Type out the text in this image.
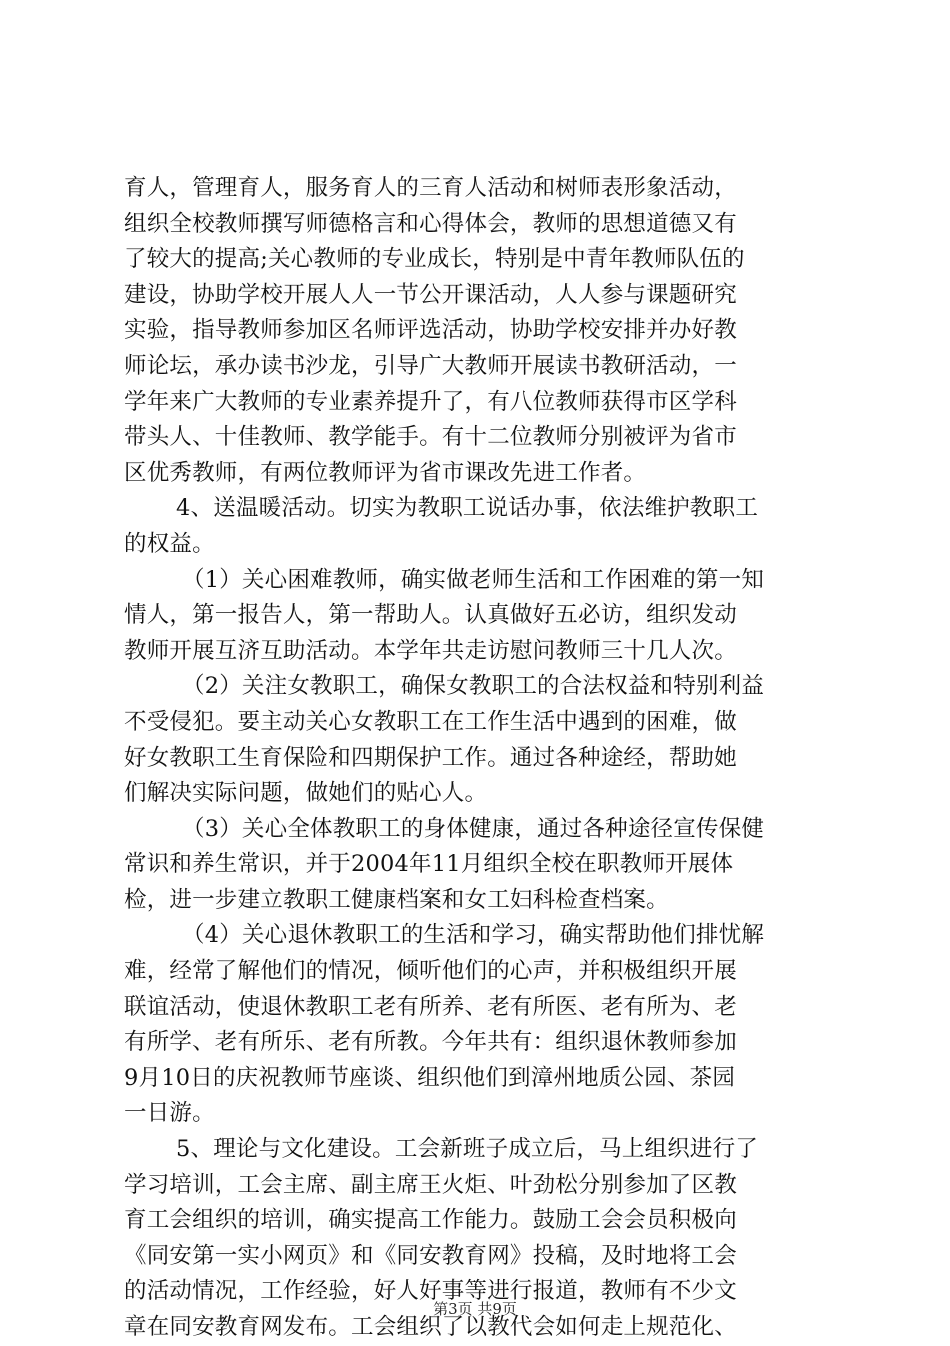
育人，管理育人，服务育人的三育人活动和树师表形象活动，
组织全校教师撰写师德格言和心得体会，教师的思想道德又有
了较大的提高;关心教师的专业成长，特别是中青年教师队伍的
建设，协助学校开展人人一节公开课活动，人人参与课题研究
实验，指导教师参加区名师评选活动，协助学校安排并办好教
师论坛，承办读书沙龙，引导广大教师开展读书教研活动，一
学年来广大教师的专业素养提升了，有八位教师获得市区学科
带头人、十佳教师、教学能手。有十二位教师分别被评为省市
区优秀教师，有两位教师评为省市课改先进工作者。
4、送温暖活动。切实为教职工说话办事，依法维护教职工
的权益。
（1）关心困难教师，确实做老师生活和工作困难的第一知
情人，第一报告人，第一帮助人。认真做好五必访，组织发动
教师开展互济互助活动。本学年共走访慰问教师三十几人次。
（2）关注女教职工，确保女教职工的合法权益和特别利益
不受侵犯。要主动关心女教职工在工作生活中遇到的困难，做
好女教职工生育保险和四期保护工作。通过各种途经，帮助她
们解决实际问题，做她们的贴心人。
（3）关心全体教职工的身体健康，通过各种途径宣传保健
常识和养生常识，并于2004年11月组织全校在职教师开展体
检，进一步建立教职工健康档案和女工妇科检查档案。
（4）关心退休教职工的生活和学习，确实帮助他们排忧解
难，经常了解他们的情况，倾听他们的心声，并积极组织开展
联谊活动，使退休教职工老有所养、老有所医、老有所为、老
有所学、老有所乐、老有所教。今年共有：组织退休教师参加
9月10日的庆祝教师节座谈、组织他们到漳州地质公园、茶园
一日游。
5、理论与文化建设。工会新班子成立后，马上组织进行了
学习培训，工会主席、副主席王火炬、叶劲松分别参加了区教
育工会组织的培训，确实提高工作能力。鼓励工会会员积极向
《同安第一实小网页》和《同安教育网》投稿，及时地将工会
的活动情况，工作经验，好人好事等进行报道，教师有不少文
章在同安教育网发布。工会组织了以教代会如何走上规范化、
第3页 共9页
